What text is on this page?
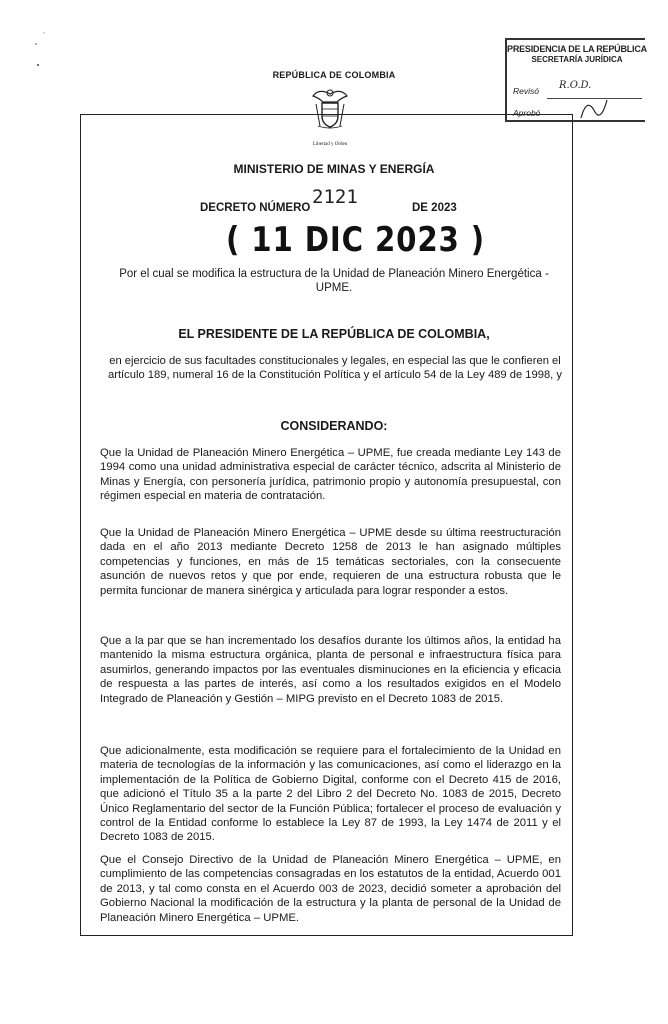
REPÚBLICA DE COLOMBIA
Libertad y Orden
MINISTERIO DE MINAS Y ENERGÍA
DECRETO NÚMERO 2121	DE 2023
( 11 DIC 2023 )
PRESIDENCIA DE LA REPÚBLICA
SECRETARÍA JURÍDICA
Revisó R.O.D.
Aprobó
Por el cual se modifica la estructura de la Unidad de Planeación Minero Energética - UPME.
EL PRESIDENTE DE LA REPÚBLICA DE COLOMBIA,
en ejercicio de sus facultades constitucionales y legales, en especial las que le confieren el artículo 189, numeral 16 de la Constitución Política y el artículo 54 de la Ley 489 de 1998, y
CONSIDERANDO:
Que la Unidad de Planeación Minero Energética – UPME, fue creada mediante Ley 143 de 1994 como una unidad administrativa especial de carácter técnico, adscrita al Ministerio de Minas y Energía, con personería jurídica, patrimonio propio y autonomía presupuestal, con régimen especial en materia de contratación.
Que la Unidad de Planeación Minero Energética – UPME desde su última reestructuración dada en el año 2013 mediante Decreto 1258 de 2013 le han asignado múltiples competencias y funciones, en más de 15 temáticas sectoriales, con la consecuente asunción de nuevos retos y que por ende, requieren de una estructura robusta que le permita funcionar de manera sinérgica y articulada para lograr responder a estos.
Que a la par que se han incrementado los desafíos durante los últimos años, la entidad ha mantenido la misma estructura orgánica, planta de personal e infraestructura física para asumirlos, generando impactos por las eventuales disminuciones en la eficiencia y eficacia de respuesta a las partes de interés, así como a los resultados exigidos en el Modelo Integrado de Planeación y Gestión – MIPG previsto en el Decreto 1083 de 2015.
Que adicionalmente, esta modificación se requiere para el fortalecimiento de la Unidad en materia de tecnologías de la información y las comunicaciones, así como el liderazgo en la implementación de la Política de Gobierno Digital, conforme con el Decreto 415 de 2016, que adicionó el Título 35 a la parte 2 del Libro 2 del Decreto No. 1083 de 2015, Decreto Único Reglamentario del sector de la Función Pública; fortalecer el proceso de evaluación y control de la Entidad conforme lo establece la Ley 87 de 1993, la Ley 1474 de 2011 y el Decreto 1083 de 2015.
Que el Consejo Directivo de la Unidad de Planeación Minero Energética – UPME, en cumplimiento de las competencias consagradas en los estatutos de la entidad, Acuerdo 001 de 2013, y tal como consta en el Acuerdo 003 de 2023, decidió someter a aprobación del Gobierno Nacional la modificación de la estructura y la planta de personal de la Unidad de Planeación Minero Energética – UPME.
